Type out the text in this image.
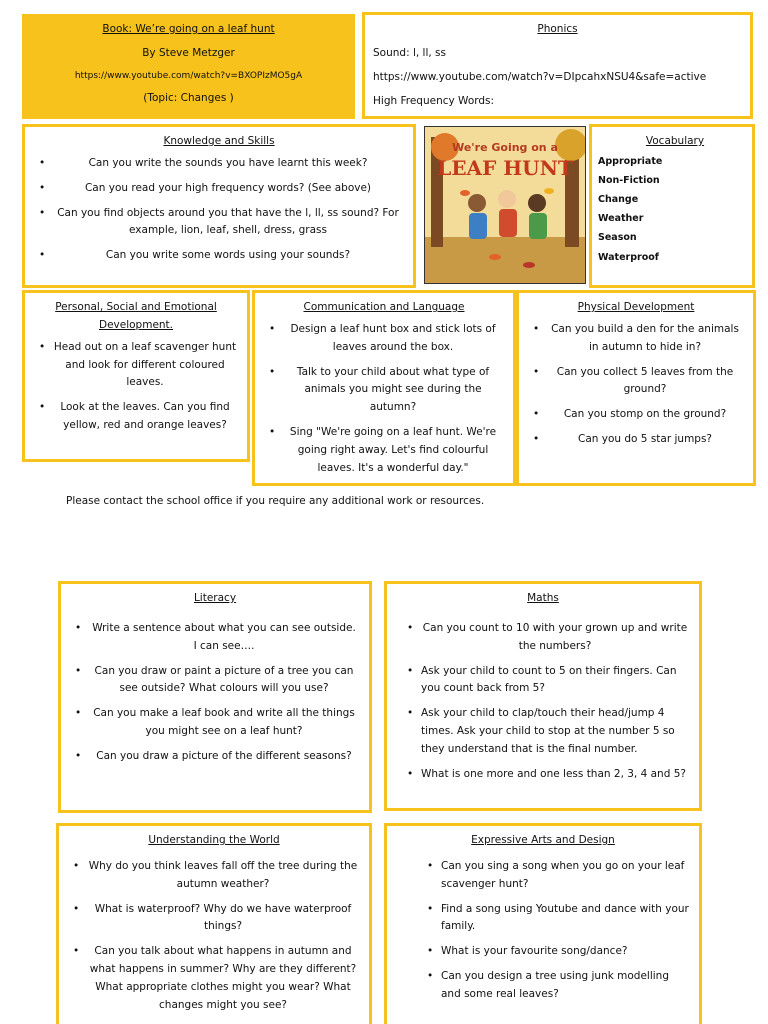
Book: We’re going on a leaf hunt
By Steve Metzger
https://www.youtube.com/watch?v=BXOPIzMO5gA
(Topic: Changes )
Phonics
Sound: l, ll, ss
https://www.youtube.com/watch?v=DIpcahxNSU4&safe=active
High Frequency Words:
Knowledge and Skills
• Can you write the sounds you have learnt this week?
• Can you read your high frequency words? (See above)
• Can you find objects around you that have the l, ll, ss sound? For example, lion, leaf, shell, dress, grass
• Can you write some words using your sounds?
We're Going on a
LEAF HUNT
Vocabulary
Appropriate
Non-Fiction
Change
Weather
Season
Waterproof
Personal, Social and Emotional Development.
• Head out on a leaf scavenger hunt and look for different coloured leaves.
• Look at the leaves. Can you find yellow, red and orange leaves?
Communication and Language
• Design a leaf hunt box and stick lots of leaves around the box.
• Talk to your child about what type of animals you might see during the autumn?
• Sing "We're going on a leaf hunt. We're going right away. Let's find colourful leaves. It's a wonderful day."
Physical Development
• Can you build a den for the animals in autumn to hide in?
• Can you collect 5 leaves from the ground?
• Can you stomp on the ground?
• Can you do 5 star jumps?
Please contact the school office if you require any additional work or resources.
Literacy
• Write a sentence about what you can see outside. I can see….
• Can you draw or paint a picture of a tree you can see outside? What colours will you use?
• Can you make a leaf book and write all the things you might see on a leaf hunt?
• Can you draw a picture of the different seasons?
Maths
• Can you count to 10 with your grown up and write the numbers?
• Ask your child to count to 5 on their fingers. Can you count back from 5?
• Ask your child to clap/touch their head/jump 4 times. Ask your child to stop at the number 5 so they understand that is the final number.
• What is one more and one less than 2, 3, 4 and 5?
Understanding the World
• Why do you think leaves fall off the tree during the autumn weather?
• What is waterproof? Why do we have waterproof things?
• Can you talk about what happens in autumn and what happens in summer? Why are they different? What appropriate clothes might you wear? What changes might you see?
Expressive Arts and Design
• Can you sing a song when you go on your leaf scavenger hunt?
• Find a song using Youtube and dance with your family.
• What is your favourite song/dance?
• Can you design a tree using junk modelling and some real leaves?
